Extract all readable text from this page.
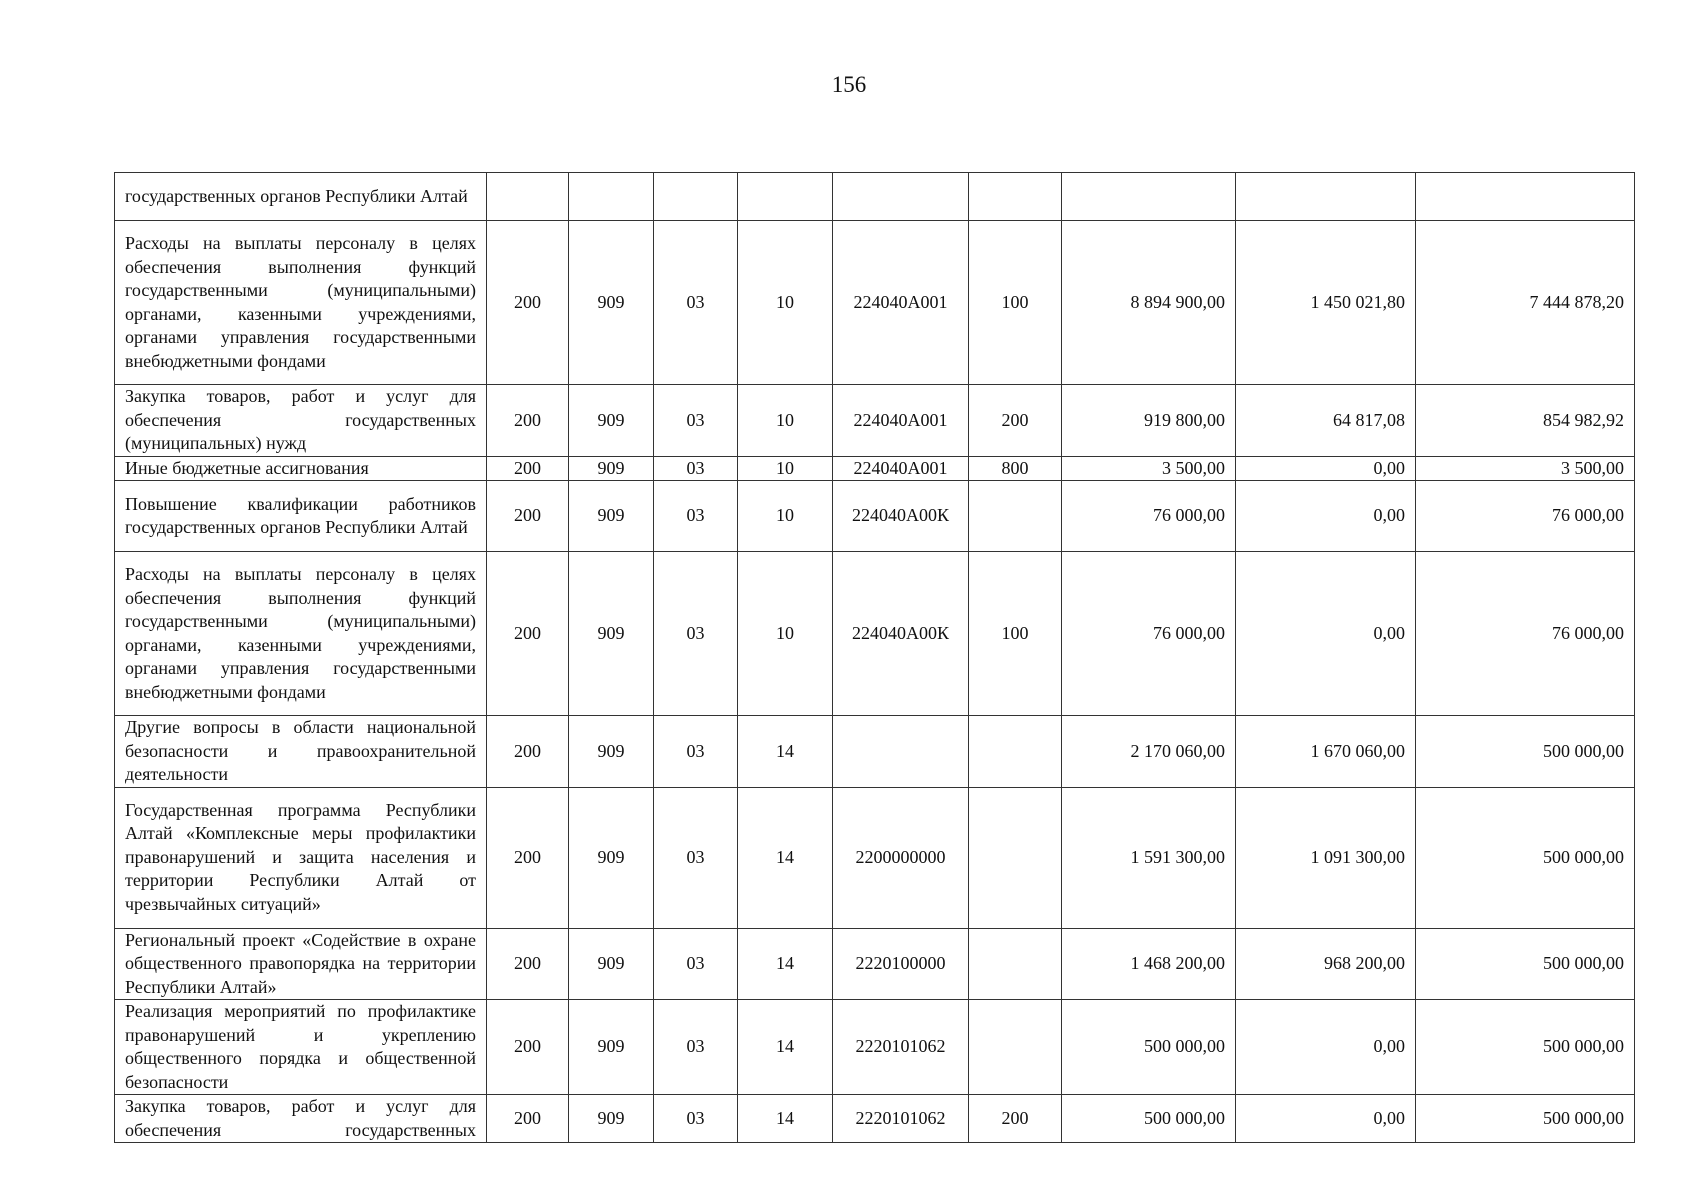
156
государственных органов Республики Алтай									
Расходы на выплаты персоналу в целях обеспечения выполнения функций государственными (муниципальными) органами, казенными учреждениями, органами управления государственными внебюджетными фондами	200	909	03	10	224040А001	100	8 894 900,00	1 450 021,80	7 444 878,20
Закупка товаров, работ и услуг для обеспечения государственных (муниципальных) нужд	200	909	03	10	224040А001	200	919 800,00	64 817,08	854 982,92
Иные бюджетные ассигнования	200	909	03	10	224040А001	800	3 500,00	0,00	3 500,00
Повышение квалификации работников государственных органов Республики Алтай	200	909	03	10	224040А00К		76 000,00	0,00	76 000,00
Расходы на выплаты персоналу в целях обеспечения выполнения функций государственными (муниципальными) органами, казенными учреждениями, органами управления государственными внебюджетными фондами	200	909	03	10	224040А00К	100	76 000,00	0,00	76 000,00
Другие вопросы в области национальной безопасности и правоохранительной деятельности	200	909	03	14			2 170 060,00	1 670 060,00	500 000,00
Государственная программа Республики Алтай «Комплексные меры профилактики правонарушений и защита населения и территории Республики Алтай от чрезвычайных ситуаций»	200	909	03	14	2200000000		1 591 300,00	1 091 300,00	500 000,00
Региональный проект «Содействие в охране общественного правопорядка на территории Республики Алтай»	200	909	03	14	2220100000		1 468 200,00	968 200,00	500 000,00
Реализация мероприятий по профилактике правонарушений и укреплению общественного порядка и общественной безопасности	200	909	03	14	2220101062		500 000,00	0,00	500 000,00
Закупка товаров, работ и услуг для обеспечения государственных	200	909	03	14	2220101062	200	500 000,00	0,00	500 000,00
